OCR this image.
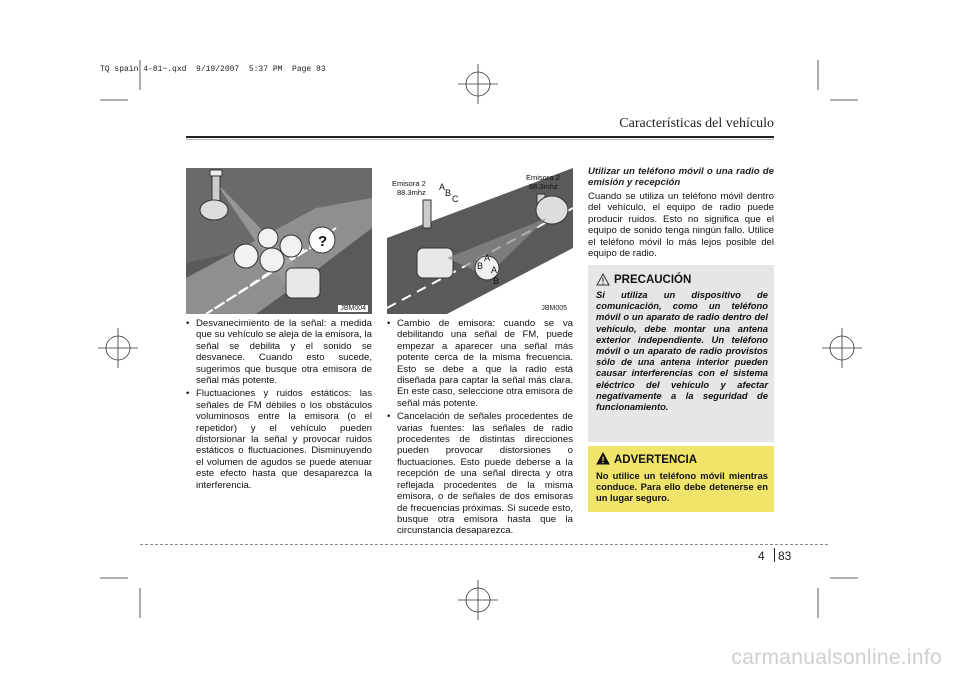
TQ spain 4-81~.qxd  9/19/2007  5:37 PM  Page 83
Características del vehículo
?
JBM004
Emisora 2
88.3mhz
Emisora 2
88.3mhz
A
B
C
A
B
B
A
JBM005
• Desvanecimiento de la señal: a medida que su vehículo se aleja de la emisora, la señal se debilita y el sonido se desvanece. Cuando esto sucede, sugerimos que busque otra emisora de señal más potente.
• Fluctuaciones y ruidos estáticos: las señales de FM débiles o los obstáculos voluminosos entre la emisora (o el repetidor) y el vehículo pueden distorsionar la señal y provocar ruidos estáticos o fluctuaciones. Disminuyendo el volumen de agudos se puede atenuar este efecto hasta que desaparezca la interferencia.
• Cambio de emisora: cuando se va debilitando una señal de FM, puede empezar a aparecer una señal más potente cerca de la misma frecuencia. Esto se debe a que la radio está diseñada para captar la señal más clara. En este caso, seleccione otra emisora de señal más potente.
• Cancelación de señales procedentes de varias fuentes: las señales de radio procedentes de distintas direcciones pueden provocar distorsiones o fluctuaciones. Esto puede deberse a la recepción de una señal directa y otra reflejada procedentes de la misma emisora, o de señales de dos emisoras de frecuencias próximas. Si sucede esto, busque otra emisora hasta que la circunstancia desaparezca.
Utilizar un teléfono móvil o una radio de emisión y recepción
Cuando se utiliza un teléfono móvil dentro del vehículo, el equipo de radio puede producir ruidos. Esto no significa que el equipo de sonido tenga ningún fallo. Utilice el teléfono móvil lo más lejos posible del equipo de radio.
PRECAUCIÓN
Si utiliza un dispositivo de comunicación, como un teléfono móvil o un aparato de radio dentro del vehículo, debe montar una antena exterior independiente. Un teléfono móvil o un aparato de radio provistos sólo de una antena interior pueden causar interferencias con el sistema eléctrico del vehículo y afectar negativamente a la seguridad de funcionamiento.
ADVERTENCIA
No utilice un teléfono móvil mientras conduce. Para ello debe detenerse en un lugar seguro.
4 83
carmanualsonline.info
